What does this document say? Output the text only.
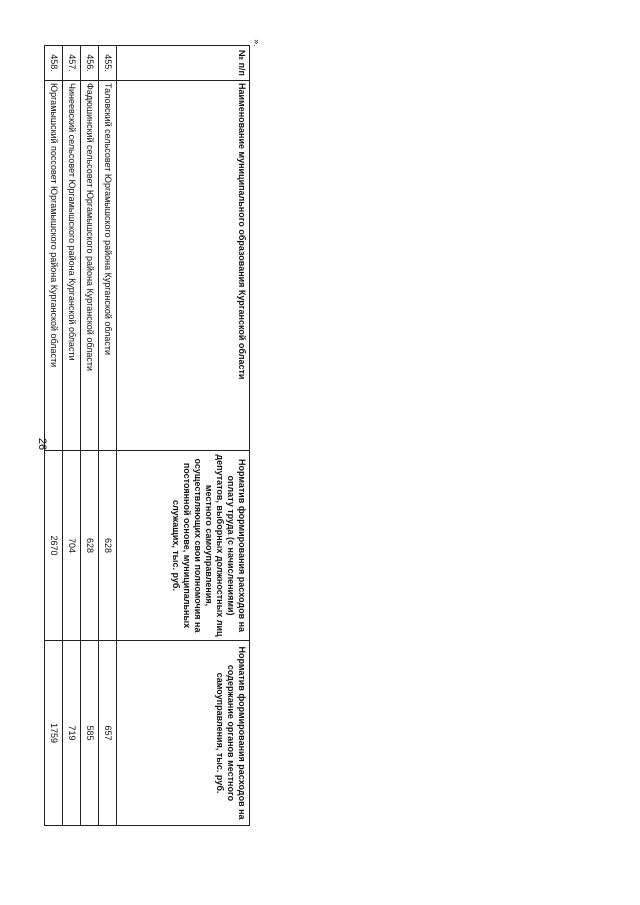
26
».
№ п/п	Наименование муниципального образования Курганской области	Норматив формирования расходов на оплату труда (с начислениями) депутатов, выборных должностных лиц местного самоуправления, осуществляющих свои полномочия на постоянной основе, муниципальных служащих, тыс. руб.	Норматив формирования расходов на содержание органов местного самоуправления, тыс. руб.
455.	Таловский сельсовет Юргамышского района Курганской области	628	657
456.	Фадюшинский сельсовет Юргамышского района Курганской области	628	585
457.	Чинеевский сельсовет Юргамышского района Курганской области	704	719
458.	Юргамышский поссовет Юргамышского района Курганской области	2670	1759
